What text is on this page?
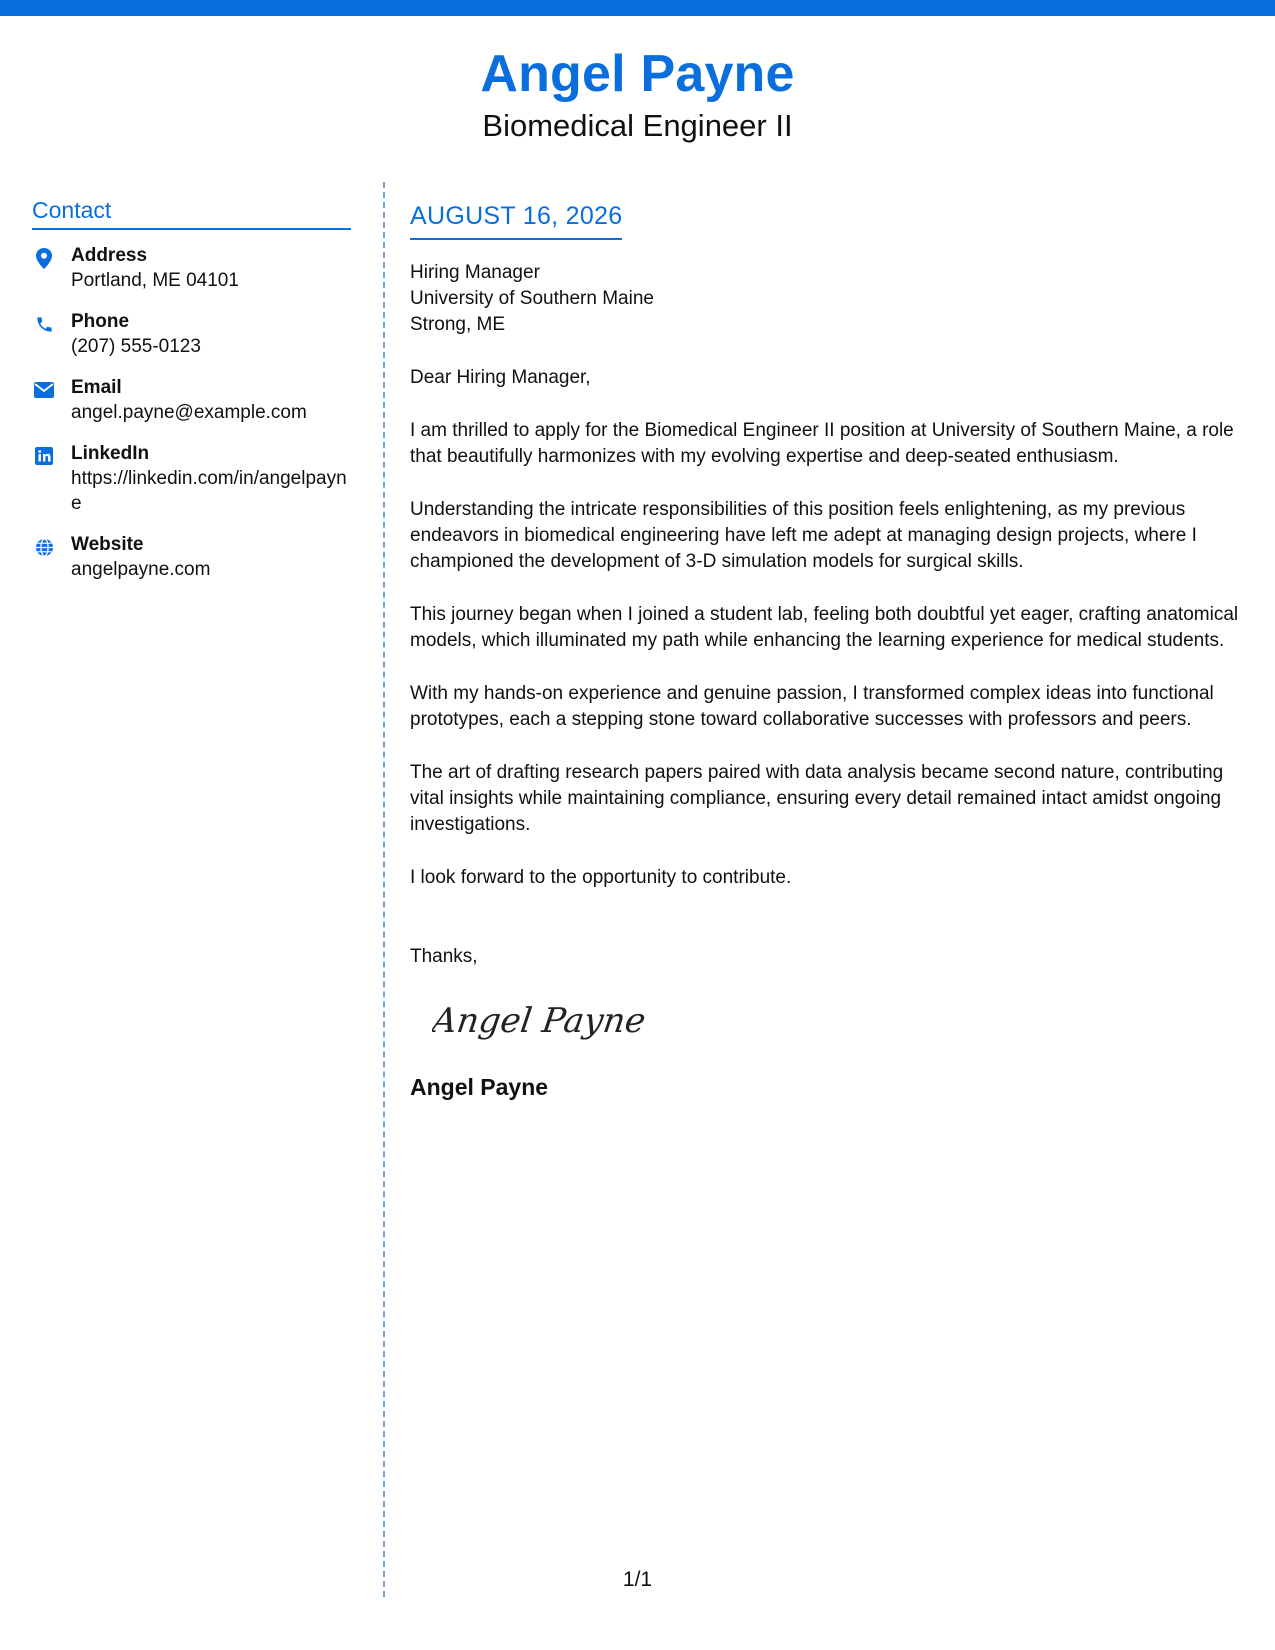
Angel Payne
Biomedical Engineer II
Contact
Address
Portland, ME 04101
Phone
(207) 555-0123
Email
angel.payne@example.com
LinkedIn
https://linkedin.com/in/angelpayne
Website
angelpayne.com
AUGUST 16, 2026
Hiring Manager
University of Southern Maine
Strong, ME
Dear Hiring Manager,
I am thrilled to apply for the Biomedical Engineer II position at University of Southern Maine, a role that beautifully harmonizes with my evolving expertise and deep-seated enthusiasm.
Understanding the intricate responsibilities of this position feels enlightening, as my previous endeavors in biomedical engineering have left me adept at managing design projects, where I championed the development of 3-D simulation models for surgical skills.
This journey began when I joined a student lab, feeling both doubtful yet eager, crafting anatomical models, which illuminated my path while enhancing the learning experience for medical students.
With my hands-on experience and genuine passion, I transformed complex ideas into functional prototypes, each a stepping stone toward collaborative successes with professors and peers.
The art of drafting research papers paired with data analysis became second nature, contributing vital insights while maintaining compliance, ensuring every detail remained intact amidst ongoing investigations.
I look forward to the opportunity to contribute.
Thanks,
Angel Payne
Angel Payne
1/1
